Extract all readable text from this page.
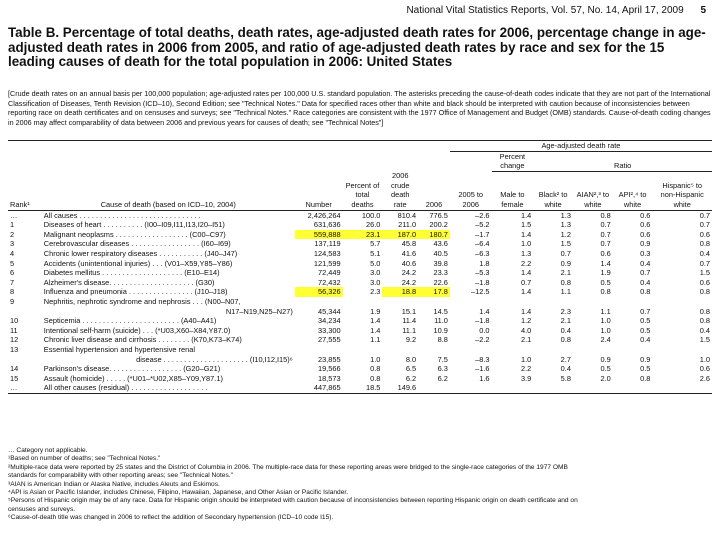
National Vital Statistics Reports, Vol. 57, No. 14, April 17, 2009 5
Table B. Percentage of total deaths, death rates, age-adjusted death rates for 2006, percentage change in age-adjusted death rates in 2006 from 2005, and ratio of age-adjusted death rates by race and sex for the 15 leading causes of death for the total population in 2006: United States
[Crude death rates on an annual basis per 100,000 population; age-adjusted rates per 100,000 U.S. standard population. The asterisks preceding the cause-of-death codes indicate that they are not part of the International Classification of Diseases, Tenth Revision (ICD–10), Second Edition; see "Technical Notes." Data for specified races other than white and black should be interpreted with caution because of inconsistencies between reporting race on death certificates and on censuses and surveys; see "Technical Notes." Race categories are consistent with the 1977 Office of Management and Budget (OMB) standards. Cause-of-death coding changes in 2006 may affect comparability of data between 2006 and previous years for causes of death; see "Technical Notes"]
						Age-adjusted death rate					
							Percent change	Ratio			
Rank¹	Cause of death (based on ICD–10, 2004)	Number	Percent of total deaths	2006 crude death rate	2006	2005 to 2006	Male to female	Black² to white	AIAN²,³ to white	API²,⁴ to white	Hispanic⁵ to non-Hispanic white
…	All causes . . . . . . . . . . . . . . . . . . . . . . . . . . . . . .	2,426,264	100.0	810.4	776.5	–2.6	1.4	1.3	0.8	0.6	0.7
1	Diseases of heart . . . . . . . . . . (I00–I09,I11,I13,I20–I51)	631,636	26.0	211.0	200.2	–5.2	1.5	1.3	0.7	0.6	0.7
2	Malignant neoplasms . . . . . . . . . . . . . . . . . . (C00–C97)	559,888	23.1	187.0	180.7	–1.7	1.4	1.2	0.7	0.6	0.6
3	Cerebrovascular diseases . . . . . . . . . . . . . . . . . (I60–I69)	137,119	5.7	45.8	43.6	–6.4	1.0	1.5	0.7	0.9	0.8
4	Chronic lower respiratory diseases . . . . . . . . . . . (J40–J47)	124,583	5.1	41.6	40.5	–6.3	1.3	0.7	0.6	0.3	0.4
5	Accidents (unintentional injuries) . . . (V01–X59,Y85–Y86)	121,599	5.0	40.6	39.8	1.8	2.2	0.9	1.4	0.4	0.7
6	Diabetes mellitus . . . . . . . . . . . . . . . . . . . . (E10–E14)	72,449	3.0	24.2	23.3	–5.3	1.4	2.1	1.9	0.7	1.5
7	Alzheimer's disease. . . . . . . . . . . . . . . . . . . . . (G30)	72,432	3.0	24.2	22.6	–1.8	0.7	0.8	0.5	0.4	0.6
8	Influenza and pneumonia . . . . . . . . . . . . . . . . (J10–J18)	56,326	2.3	18.8	17.8	–12.5	1.4	1.1	0.8	0.8	0.8
9	Nephritis, nephrotic syndrome and nephrosis . . . (N00–N07,										
	N17–N19,N25–N27)	45,344	1.9	15.1	14.5	1.4	1.4	2.3	1.1	0.7	0.8
10	Septicemia . . . . . . . . . . . . . . . . . . . . . . . . (A40–A41)	34,234	1.4	11.4	11.0	–1.8	1.2	2.1	1.0	0.5	0.8
11	Intentional self-harm (suicide) . . . (*U03,X60–X84,Y87.0)	33,300	1.4	11.1	10.9	0.0	4.0	0.4	1.0	0.5	0.4
12	Chronic liver disease and cirrhosis . . . . . . . . (K70,K73–K74)	27,555	1.1	9.2	8.8	–2.2	2.1	0.8	2.4	0.4	1.5
13	Essential hypertension and hypertensive renal										
	disease . . . . . . . . . . . . . . . . . . . . . (I10,I12,I15)⁶	23,855	1.0	8.0	7.5	–8.3	1.0	2.7	0.9	0.9	1.0
14	Parkinson's disease. . . . . . . . . . . . . . . . . . (G20–G21)	19,566	0.8	6.5	6.3	–1.6	2.2	0.4	0.5	0.5	0.6
15	Assault (homicide) . . . . . (*U01–*U02,X85–Y09,Y87.1)	18,573	0.8	6.2	6.2	1.6	3.9	5.8	2.0	0.8	2.6
…	All other causes (residual) . . . . . . . . . . . . . . . . . . .	447,865	18.5	149.6							
… Category not applicable.
¹Based on number of deaths; see "Technical Notes."
²Multiple-race data were reported by 25 states and the District of Columbia in 2006. The multiple-race data for these reporting areas were bridged to the single-race categories of the 1977 OMB
standards for comparability with other reporting areas; see "Technical Notes."
³AIAN is American Indian or Alaska Native, includes Aleuts and Eskimos.
⁴API is Asian or Pacific Islander, includes Chinese, Filipino, Hawaiian, Japanese, and Other Asian or Pacific Islander.
⁵Persons of Hispanic origin may be of any race. Data for Hispanic origin should be interpreted with caution because of inconsistencies between reporting Hispanic origin on death certificate and on
censuses and surveys.
⁶Cause-of-death title was changed in 2006 to reflect the addition of Secondary hypertension (ICD–10 code I15).
